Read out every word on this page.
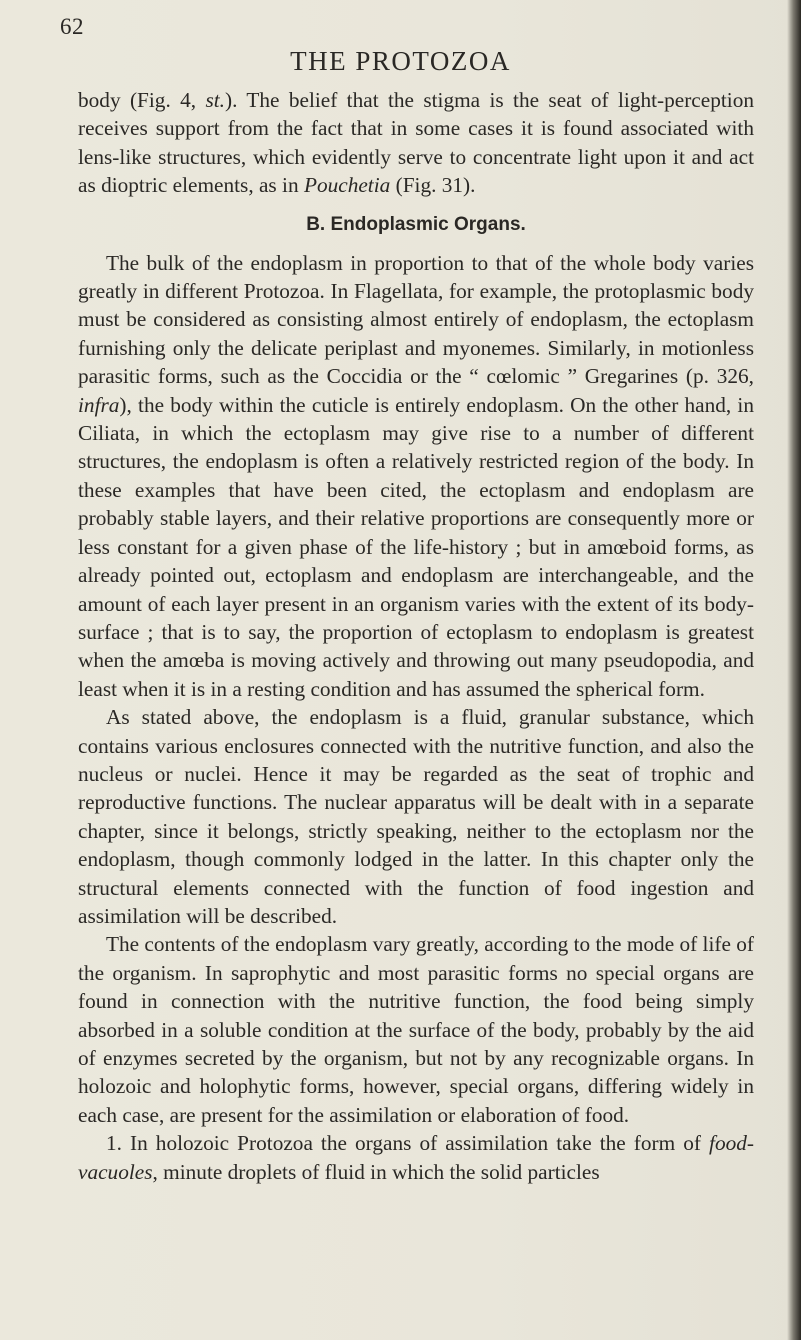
62
THE PROTOZOA

body (Fig. 4, st.). The belief that the stigma is the seat of light-perception receives support from the fact that in some cases it is found associated with lens-like structures, which evidently serve to concentrate light upon it and act as dioptric elements, as in Pouchetia (Fig. 31).

B. Endoplasmic Organs.

The bulk of the endoplasm in proportion to that of the whole body varies greatly in different Protozoa. In Flagellata, for example, the protoplasmic body must be considered as consisting almost entirely of endoplasm, the ectoplasm furnishing only the delicate periplast and myonemes. Similarly, in motionless parasitic forms, such as the Coccidia or the “ cœlomic ” Gregarines (p. 326, infra), the body within the cuticle is entirely endoplasm. On the other hand, in Ciliata, in which the ectoplasm may give rise to a number of different structures, the endoplasm is often a relatively restricted region of the body. In these examples that have been cited, the ectoplasm and endoplasm are probably stable layers, and their relative proportions are consequently more or less constant for a given phase of the life-history ; but in amœboid forms, as already pointed out, ectoplasm and endoplasm are interchangeable, and the amount of each layer present in an organism varies with the extent of its body-surface ; that is to say, the proportion of ectoplasm to endoplasm is greatest when the amœba is moving actively and throwing out many pseudopodia, and least when it is in a resting condition and has assumed the spherical form.

As stated above, the endoplasm is a fluid, granular substance, which contains various enclosures connected with the nutritive function, and also the nucleus or nuclei. Hence it may be regarded as the seat of trophic and reproductive functions. The nuclear apparatus will be dealt with in a separate chapter, since it belongs, strictly speaking, neither to the ectoplasm nor the endoplasm, though commonly lodged in the latter. In this chapter only the structural elements connected with the function of food ingestion and assimilation will be described.

The contents of the endoplasm vary greatly, according to the mode of life of the organism. In saprophytic and most parasitic forms no special organs are found in connection with the nutritive function, the food being simply absorbed in a soluble condition at the surface of the body, probably by the aid of enzymes secreted by the organism, but not by any recognizable organs. In holozoic and holophytic forms, however, special organs, differing widely in each case, are present for the assimilation or elaboration of food.

1. In holozoic Protozoa the organs of assimilation take the form of food-vacuoles, minute droplets of fluid in which the solid particles
